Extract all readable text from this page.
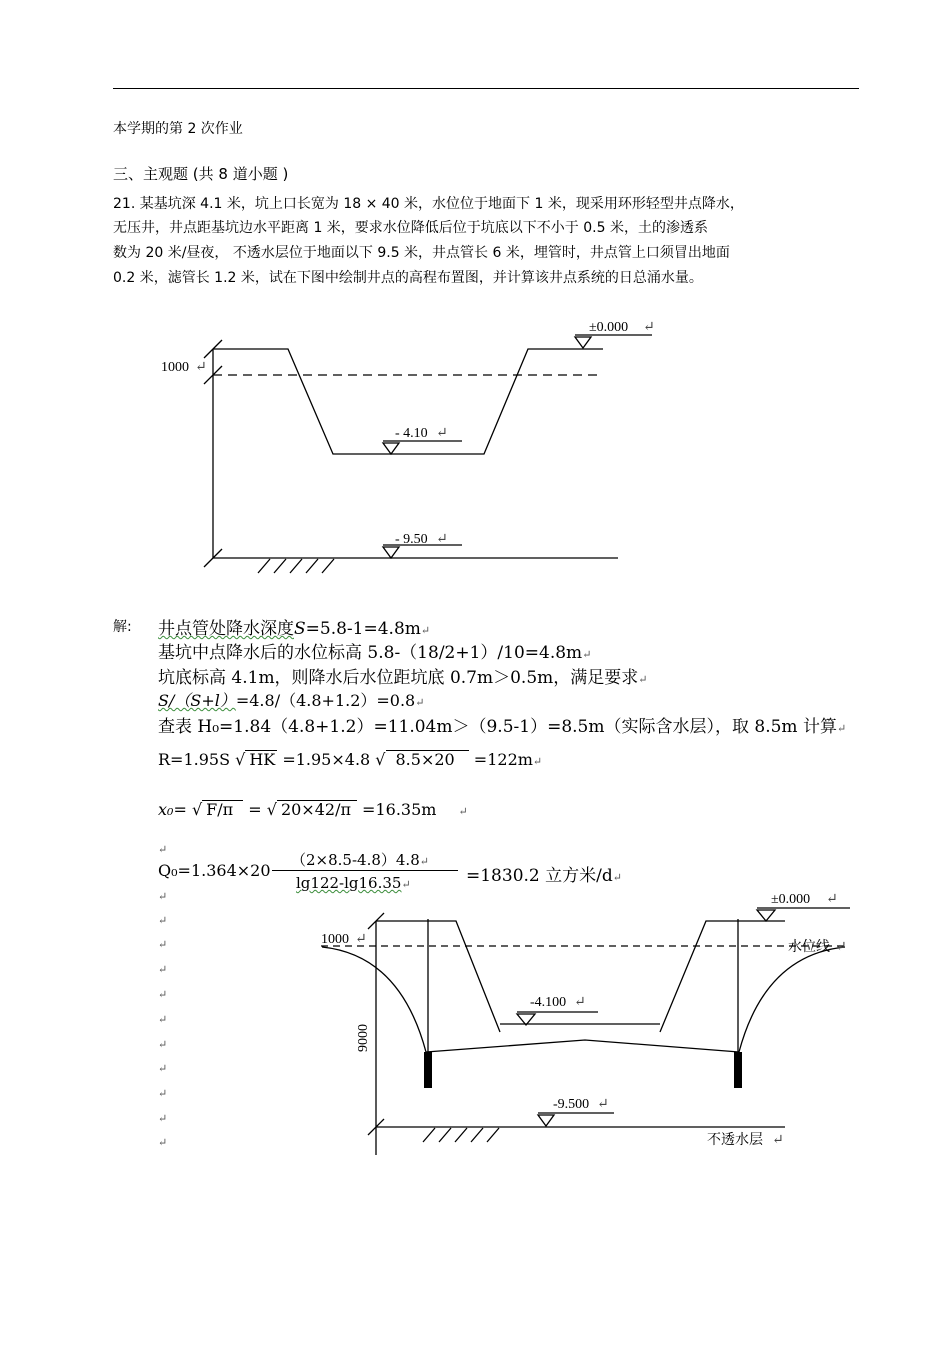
本学期的第 2 次作业
三、主观题 (共 8 道小题 )
21. 某基坑深 4.1 米，坑上口长宽为 18 × 40 米，水位位于地面下 1 米，现采用环形轻型井点降水，
无压井，井点距基坑边水平距离 1 米，要求水位降低后位于坑底以下不小于 0.5 米，土的渗透系
数为 20 米/昼夜， 不透水层位于地面以下 9.5 米，井点管长 6 米，埋管时，井点管上口须冒出地面
0.2 米，滤管长 1.2 米，试在下图中绘制井点的高程布置图，并计算该井点系统的日总涌水量。
±0.000 ↵
1000 ↵
- 4.10 ↵
- 9.50 ↵
解: 井点管处降水深度S=5.8-1=4.8m↵
基坑中点降水后的水位标高 5.8-（18/2+1）/10=4.8m↵
坑底标高 4.1m，则降水后水位距坑底 0.7m＞0.5m，满足要求↵
S/（S+l）=4.8/（4.8+1.2）=0.8↵
查表 H₀=1.84（4.8+1.2）=11.04m＞（9.5-1）=8.5m（实际含水层），取 8.5m 计算↵
R=1.95S √ HK =1.95×4.8 √ 8.5×20 =122m↵
x₀= √ F/π = √ 20×42/π =16.35m ↵
↵
Q₀=1.364×20
（2×8.5-4.8）4.8↵
lg122-lg16.35↵	=1830.2 立方米/d↵
↵
↵
↵
↵
↵
↵
↵
↵
↵
↵
↵
±0.000 ↵
1000 ↵
水位线 ↵
-4.100 ↵
9000
-9.500 ↵
不透水层 ↵
